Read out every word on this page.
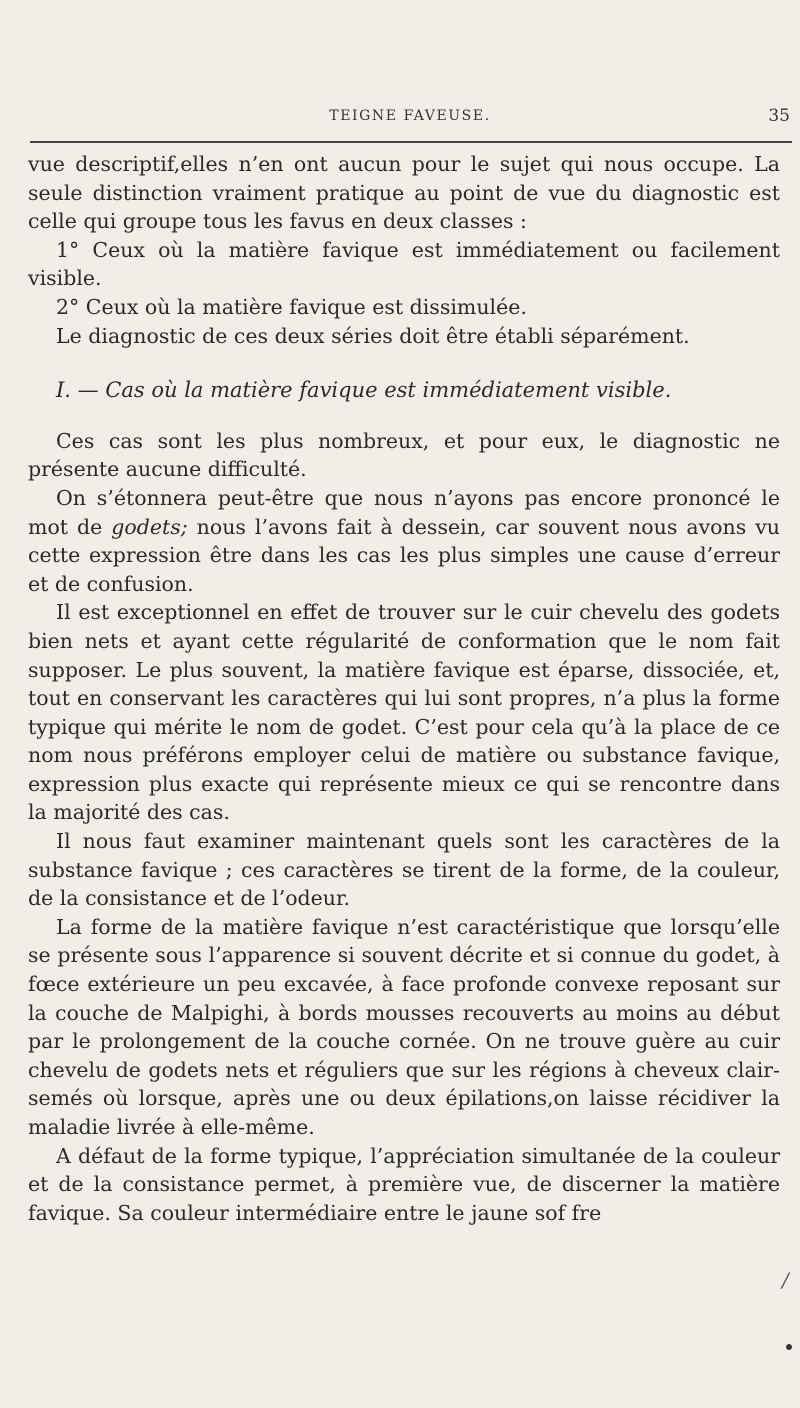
TEIGNE FAVEUSE.	35

vue descriptif,elles n’en ont aucun pour le sujet qui nous occupe. La seule distinction vraiment pratique au point de vue du diagnostic est celle qui groupe tous les favus en deux classes :

1° Ceux où la matière favique est immédiatement ou facilement visible.

2° Ceux où la matière favique est dissimulée.

Le diagnostic de ces deux séries doit être établi séparément.

I. — Cas où la matière favique est immédiatement visible.

Ces cas sont les plus nombreux, et pour eux, le diagnostic ne présente aucune difficulté.

On s’étonnera peut-être que nous n’ayons pas encore prononcé le mot de godets; nous l’avons fait à dessein, car souvent nous avons vu cette expression être dans les cas les plus simples une cause d’erreur et de confusion.

Il est exceptionnel en effet de trouver sur le cuir chevelu des godets bien nets et ayant cette régularité de conformation que le nom fait supposer. Le plus souvent, la matière favique est éparse, dissociée, et, tout en conservant les caractères qui lui sont propres, n’a plus la forme typique qui mérite le nom de godet. C’est pour cela qu’à la place de ce nom nous préférons employer celui de matière ou substance favique, expression plus exacte qui représente mieux ce qui se rencontre dans la majorité des cas.

Il nous faut examiner maintenant quels sont les caractères de la substance favique ; ces caractères se tirent de la forme, de la couleur, de la consistance et de l’odeur.

La forme de la matière favique n’est caractéristique que lorsqu’elle se présente sous l’apparence si souvent décrite et si connue du godet, à fœce extérieure un peu excavée, à face profonde convexe reposant sur la couche de Malpighi, à bords mousses recouverts au moins au début par le prolongement de la couche cornée. On ne trouve guère au cuir chevelu de godets nets et réguliers que sur les régions à cheveux clair-semés où lorsque, après une ou deux épilations,on laisse récidiver la maladie livrée à elle-même.

A défaut de la forme typique, l’appréciation simultanée de la couleur et de la consistance permet, à première vue, de discerner la matière favique. Sa couleur intermédiaire entre le jaune sof fre

/
